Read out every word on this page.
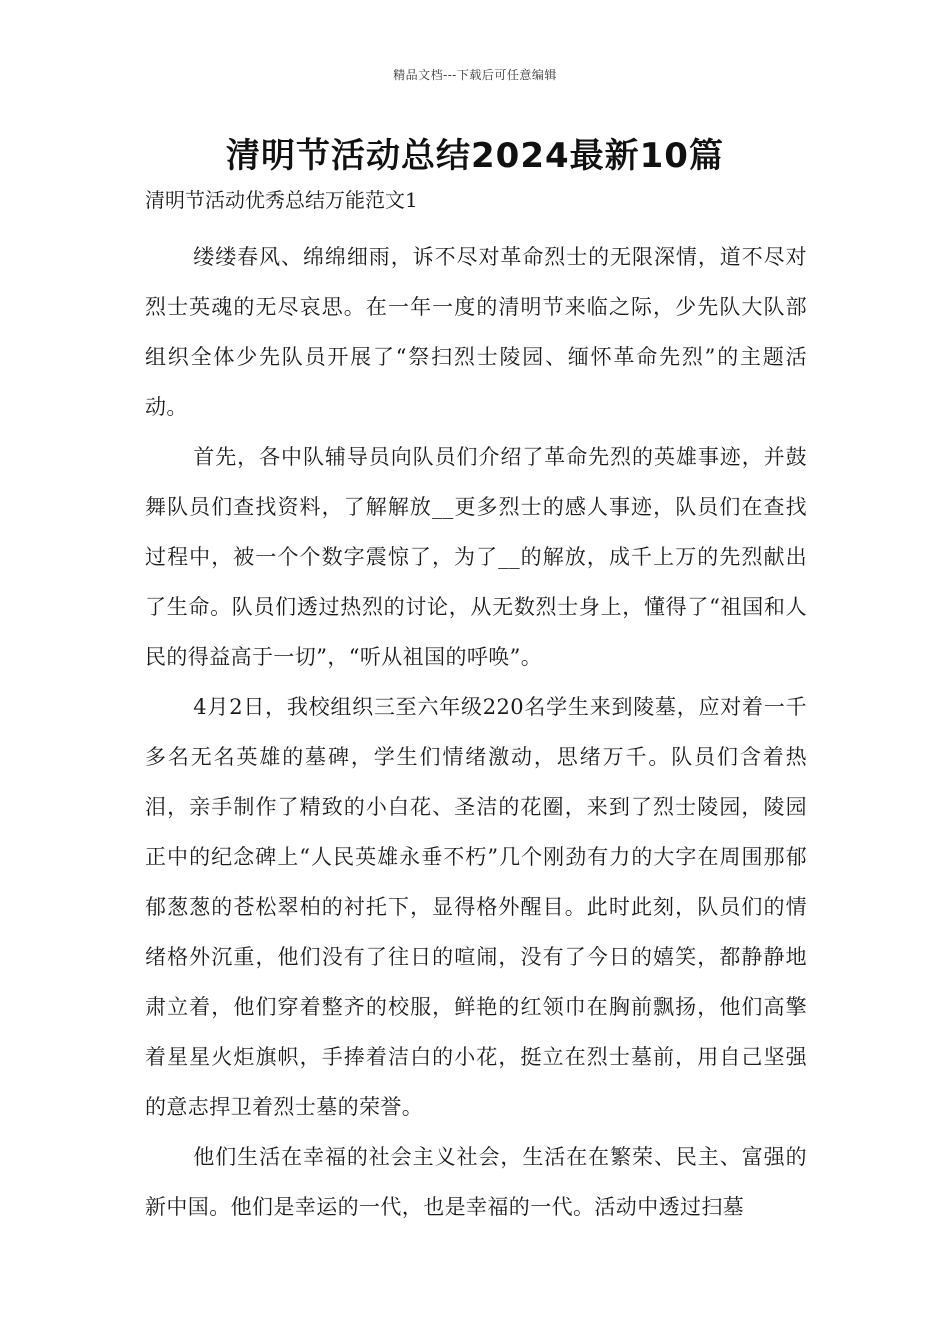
精品文档---下载后可任意编辑
清明节活动总结2024最新10篇

清明节活动优秀总结万能范文1

缕缕春风、绵绵细雨，诉不尽对革命烈士的无限深情，道不尽对烈士英魂的无尽哀思。在一年一度的清明节来临之际，少先队大队部组织全体少先队员开展了“祭扫烈士陵园、缅怀革命先烈”的主题活动。

首先，各中队辅导员向队员们介绍了革命先烈的英雄事迹，并鼓舞队员们查找资料，了解解放__更多烈士的感人事迹，队员们在查找过程中，被一个个数字震惊了，为了__的解放，成千上万的先烈献出了生命。队员们透过热烈的讨论，从无数烈士身上，懂得了“祖国和人民的得益高于一切”，“听从祖国的呼唤”。

4月2日，我校组织三至六年级220名学生来到陵墓，应对着一千多名无名英雄的墓碑，学生们情绪激动，思绪万千。队员们含着热泪，亲手制作了精致的小白花、圣洁的花圈，来到了烈士陵园，陵园正中的纪念碑上“人民英雄永垂不朽”几个刚劲有力的大字在周围那郁郁葱葱的苍松翠柏的衬托下，显得格外醒目。此时此刻，队员们的情绪格外沉重，他们没有了往日的喧闹，没有了今日的嬉笑，都静静地肃立着，他们穿着整齐的校服，鲜艳的红领巾在胸前飘扬，他们高擎着星星火炬旗帜，手捧着洁白的小花，挺立在烈士墓前，用自己坚强的意志捍卫着烈士墓的荣誉。

他们生活在幸福的社会主义社会，生活在在繁荣、民主、富强的新中国。他们是幸运的一代，也是幸福的一代。活动中透过扫墓
